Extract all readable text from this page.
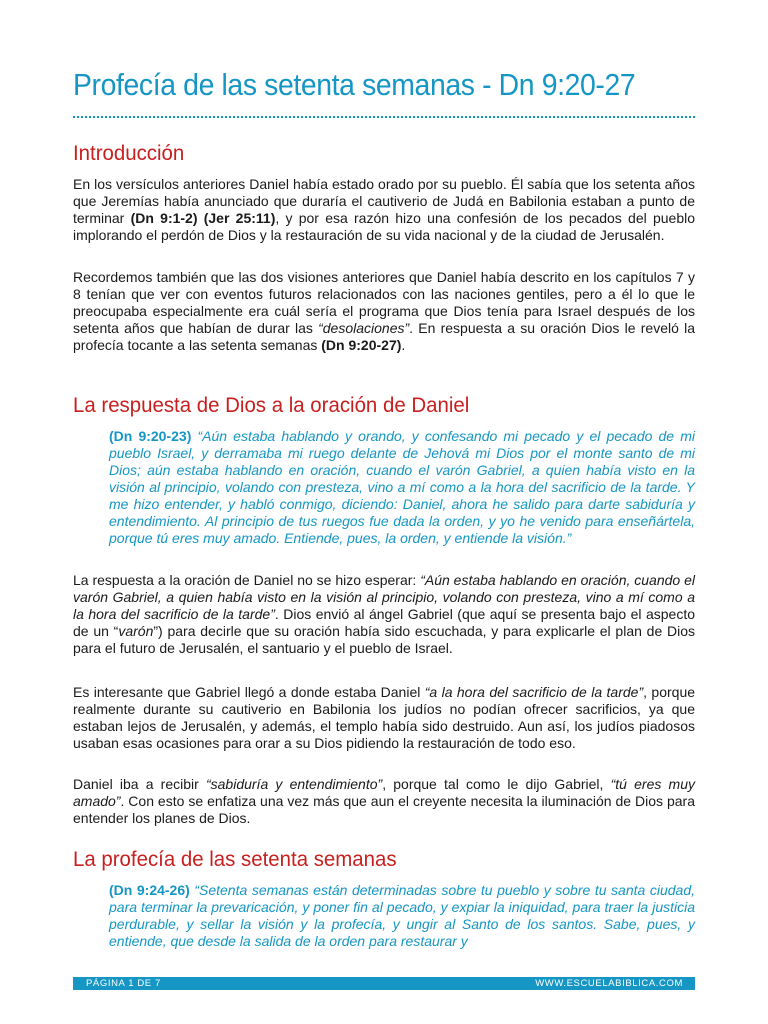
Profecía de las setenta semanas - Dn 9:20-27
Introducción

En los versículos anteriores Daniel había estado orado por su pueblo. Él sabía que los setenta años que Jeremías había anunciado que duraría el cautiverio de Judá en Babilonia estaban a punto de terminar (Dn 9:1-2) (Jer 25:11), y por esa razón hizo una confesión de los pecados del pueblo implorando el perdón de Dios y la restauración de su vida nacional y de la ciudad de Jerusalén.

Recordemos también que las dos visiones anteriores que Daniel había descrito en los capítulos 7 y 8 tenían que ver con eventos futuros relacionados con las naciones gentiles, pero a él lo que le preocupaba especialmente era cuál sería el programa que Dios tenía para Israel después de los setenta años que habían de durar las “desolaciones”. En respuesta a su oración Dios le reveló la profecía tocante a las setenta semanas (Dn 9:20-27).

La respuesta de Dios a la oración de Daniel

(Dn 9:20-23) “Aún estaba hablando y orando, y confesando mi pecado y el pecado de mi pueblo Israel, y derramaba mi ruego delante de Jehová mi Dios por el monte santo de mi Dios; aún estaba hablando en oración, cuando el varón Gabriel, a quien había visto en la visión al principio, volando con presteza, vino a mí como a la hora del sacrificio de la tarde. Y me hizo entender, y habló conmigo, diciendo: Daniel, ahora he salido para darte sabiduría y entendimiento. Al principio de tus ruegos fue dada la orden, y yo he venido para enseñártela, porque tú eres muy amado. Entiende, pues, la orden, y entiende la visión.”

La respuesta a la oración de Daniel no se hizo esperar: “Aún estaba hablando en oración, cuando el varón Gabriel, a quien había visto en la visión al principio, volando con presteza, vino a mí como a la hora del sacrificio de la tarde”. Dios envió al ángel Gabriel (que aquí se presenta bajo el aspecto de un “varón”) para decirle que su oración había sido escuchada, y para explicarle el plan de Dios para el futuro de Jerusalén, el santuario y el pueblo de Israel.

Es interesante que Gabriel llegó a donde estaba Daniel “a la hora del sacrificio de la tarde”, porque realmente durante su cautiverio en Babilonia los judíos no podían ofrecer sacrificios, ya que estaban lejos de Jerusalén, y además, el templo había sido destruido. Aun así, los judíos piadosos usaban esas ocasiones para orar a su Dios pidiendo la restauración de todo eso.

Daniel iba a recibir “sabiduría y entendimiento”, porque tal como le dijo Gabriel, “tú eres muy amado”. Con esto se enfatiza una vez más que aun el creyente necesita la iluminación de Dios para entender los planes de Dios.

La profecía de las setenta semanas

(Dn 9:24-26) “Setenta semanas están determinadas sobre tu pueblo y sobre tu santa ciudad, para terminar la prevaricación, y poner fin al pecado, y expiar la iniquidad, para traer la justicia perdurable, y sellar la visión y la profecía, y ungir al Santo de los santos. Sabe, pues, y entiende, que desde la salida de la orden para restaurar y

PÁGINA 1 DE 7	WWW.ESCUELABIBLICA.COM
